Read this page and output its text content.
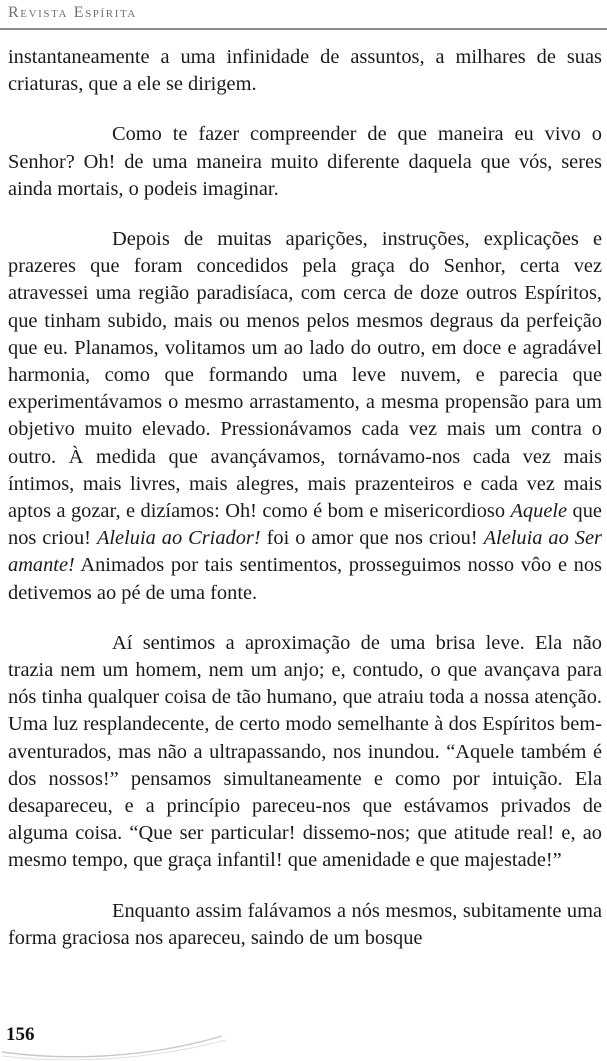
Revista Espírita

instantaneamente a uma infinidade de assuntos, a milhares de suas criaturas, que a ele se dirigem.

Como te fazer compreender de que maneira eu vivo o Senhor? Oh! de uma maneira muito diferente daquela que vós, seres ainda mortais, o podeis imaginar.

Depois de muitas aparições, instruções, explicações e prazeres que foram concedidos pela graça do Senhor, certa vez atravessei uma região paradisíaca, com cerca de doze outros Espíritos, que tinham subido, mais ou menos pelos mesmos degraus da perfeição que eu. Planamos, volitamos um ao lado do outro, em doce e agradável harmonia, como que formando uma leve nuvem, e parecia que experimentávamos o mesmo arrastamento, a mesma propensão para um objetivo muito elevado. Pressionávamos cada vez mais um contra o outro. À medida que avançávamos, tornávamo-nos cada vez mais íntimos, mais livres, mais alegres, mais prazenteiros e cada vez mais aptos a gozar, e dizíamos: Oh! como é bom e misericordioso Aquele que nos criou! Aleluia ao Criador! foi o amor que nos criou! Aleluia ao Ser amante! Animados por tais sentimentos, prosseguimos nosso vôo e nos detivemos ao pé de uma fonte.

Aí sentimos a aproximação de uma brisa leve. Ela não trazia nem um homem, nem um anjo; e, contudo, o que avançava para nós tinha qualquer coisa de tão humano, que atraiu toda a nossa atenção. Uma luz resplandecente, de certo modo semelhante à dos Espíritos bem-aventurados, mas não a ultrapassando, nos inundou. “Aquele também é dos nossos!” pensamos simultaneamente e como por intuição. Ela desapareceu, e a princípio pareceu-nos que estávamos privados de alguma coisa. “Que ser particular! dissemo-nos; que atitude real! e, ao mesmo tempo, que graça infantil! que amenidade e que majestade!”

Enquanto assim falávamos a nós mesmos, subitamente uma forma graciosa nos apareceu, saindo de um bosque

156
